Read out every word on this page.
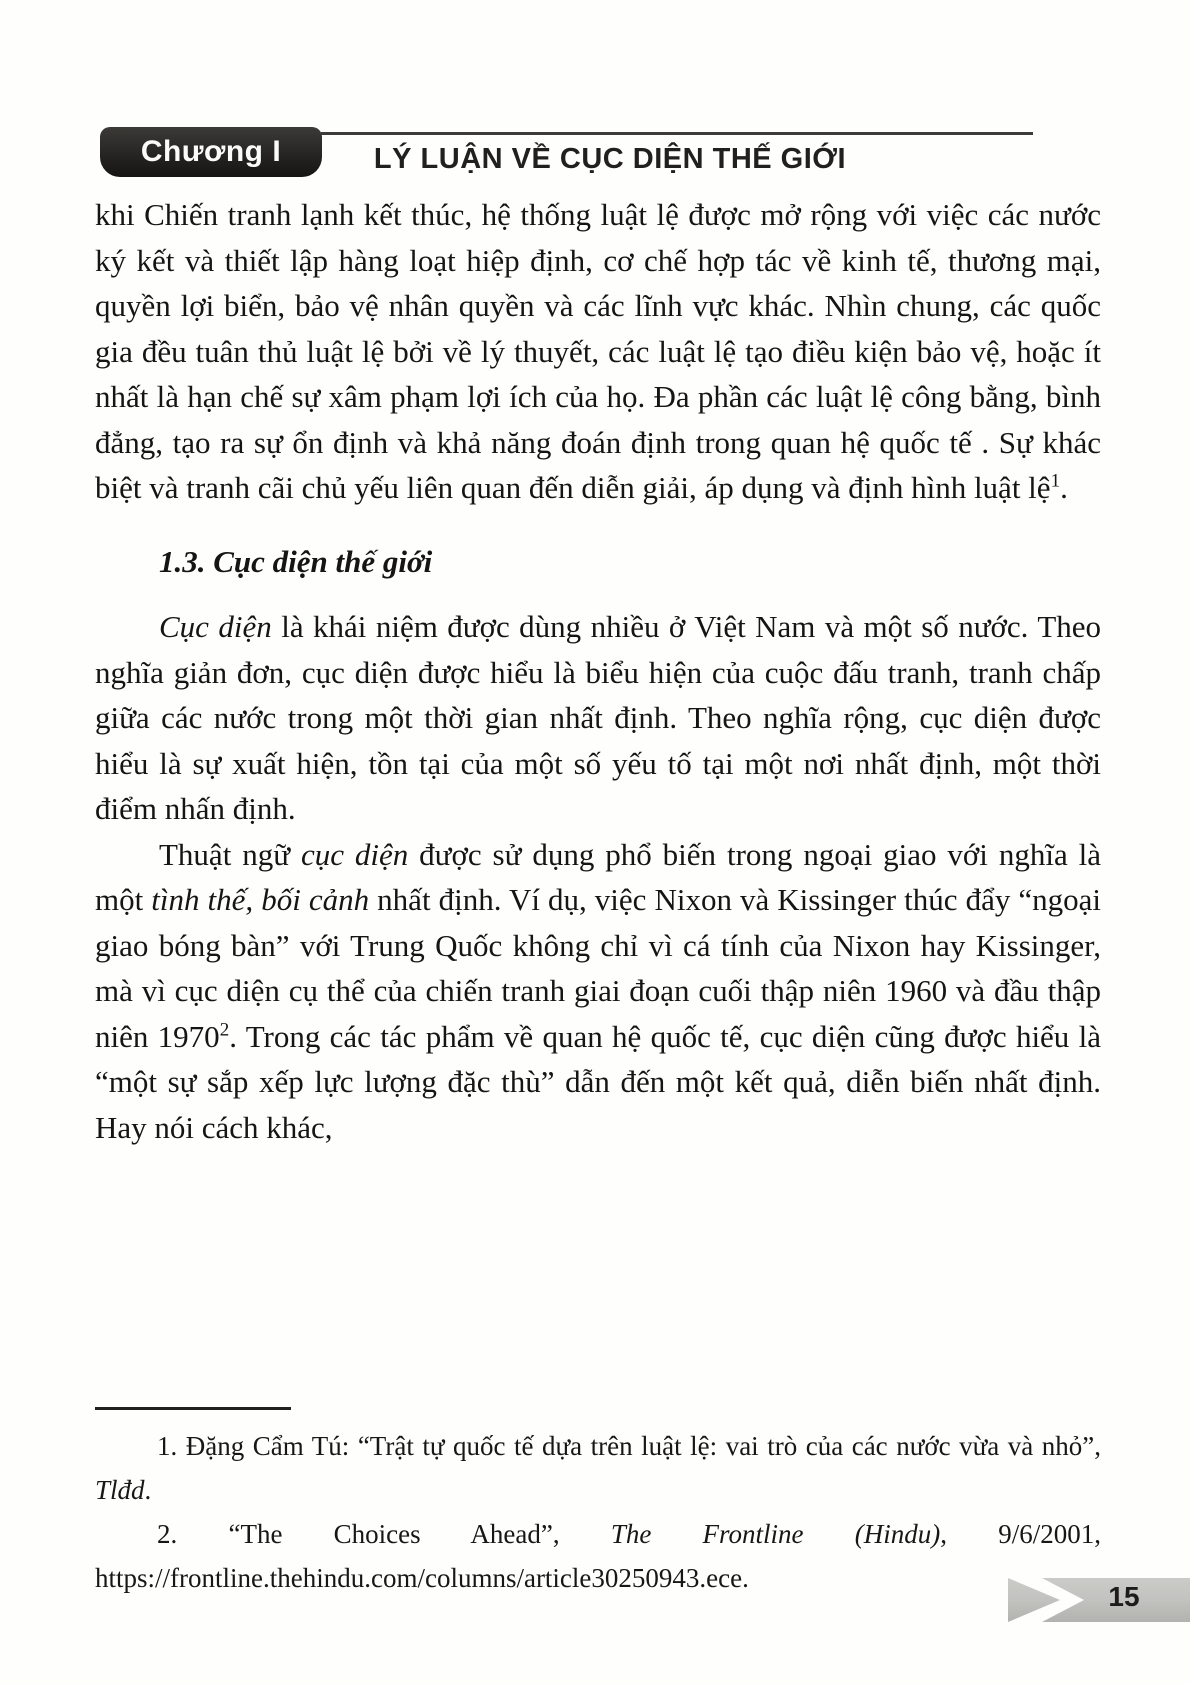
Chương I	LÝ LUẬN VỀ CỤC DIỆN THẾ GIỚI

khi Chiến tranh lạnh kết thúc, hệ thống luật lệ được mở rộng với việc các nước ký kết và thiết lập hàng loạt hiệp định, cơ chế hợp tác về kinh tế, thương mại, quyền lợi biển, bảo vệ nhân quyền và các lĩnh vực khác. Nhìn chung, các quốc gia đều tuân thủ luật lệ bởi về lý thuyết, các luật lệ tạo điều kiện bảo vệ, hoặc ít nhất là hạn chế sự xâm phạm lợi ích của họ. Đa phần các luật lệ công bằng, bình đẳng, tạo ra sự ổn định và khả năng đoán định trong quan hệ quốc tế . Sự khác biệt và tranh cãi chủ yếu liên quan đến diễn giải, áp dụng và định hình luật lệ$^1$.

1.3. Cục diện thế giới

Cục diện là khái niệm được dùng nhiều ở Việt Nam và một số nước. Theo nghĩa giản đơn, cục diện được hiểu là biểu hiện của cuộc đấu tranh, tranh chấp giữa các nước trong một thời gian nhất định. Theo nghĩa rộng, cục diện được hiểu là sự xuất hiện, tồn tại của một số yếu tố tại một nơi nhất định, một thời điểm nhấn định.

Thuật ngữ cục diện được sử dụng phổ biến trong ngoại giao với nghĩa là một tình thế, bối cảnh nhất định. Ví dụ, việc Nixon và Kissinger thúc đẩy “ngoại giao bóng bàn” với Trung Quốc không chỉ vì cá tính của Nixon hay Kissinger, mà vì cục diện cụ thể của chiến tranh giai đoạn cuối thập niên 1960 và đầu thập niên 1970$^2$. Trong các tác phẩm về quan hệ quốc tế, cục diện cũng được hiểu là “một sự sắp xếp lực lượng đặc thù” dẫn đến một kết quả, diễn biến nhất định. Hay nói cách khác,

1. Đặng Cẩm Tú: “Trật tự quốc tế dựa trên luật lệ: vai trò của các nước vừa và nhỏ”, Tlđd.

2. “The Choices Ahead”, The Frontline (Hindu), 9/6/2001, https://frontline.thehindu.com/columns/article30250943.ece.

15
